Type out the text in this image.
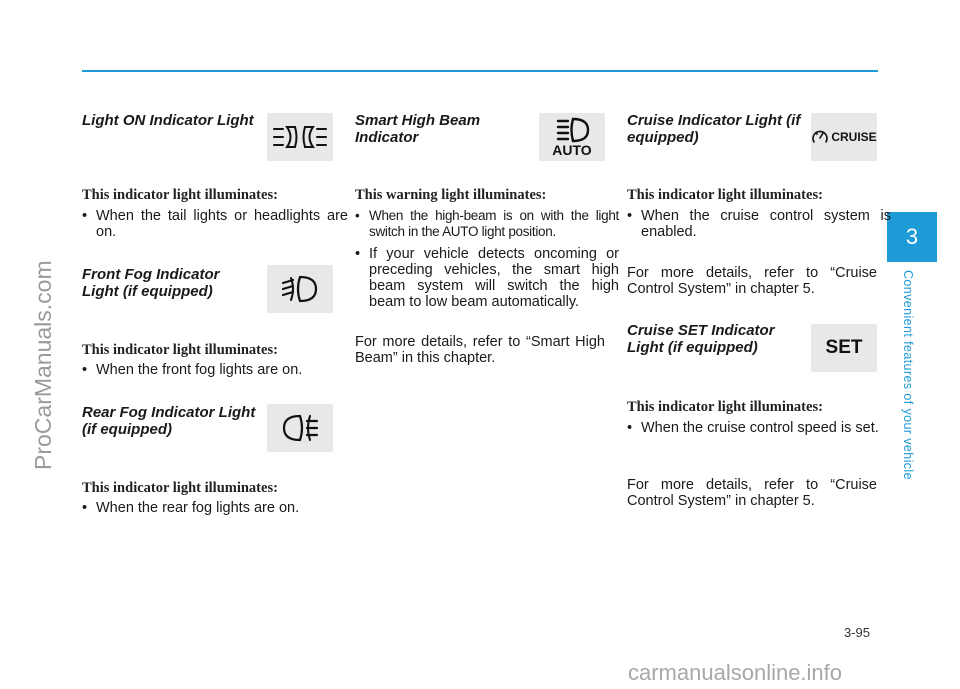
ProCarManuals.com
carmanualsonline.info
3
Convenient features of your vehicle
3-95
Light ON Indicator Light
This indicator light illuminates:
• When the tail lights or headlights are on.
Front Fog Indicator Light (if equipped)
This indicator light illuminates:
• When the front fog lights are on.
Rear Fog Indicator Light (if equipped)
This indicator light illuminates:
• When the rear fog lights are on.
Smart High Beam Indicator
AUTO
This warning light illuminates:
• When the high-beam is on with the light switch in the AUTO light position.
• If your vehicle detects oncoming or preceding vehicles, the smart high beam system will switch the high beam to low beam automatically.
For more details, refer to “Smart High Beam” in this chapter.
Cruise Indicator Light (if equipped)	CRUISE
This indicator light illuminates:
• When the cruise control system is enabled.
For more details, refer to “Cruise Control System” in chapter 5.
Cruise SET Indicator Light (if equipped)	SET
This indicator light illuminates:
• When the cruise control speed is set.
For more details, refer to “Cruise Control System” in chapter 5.
